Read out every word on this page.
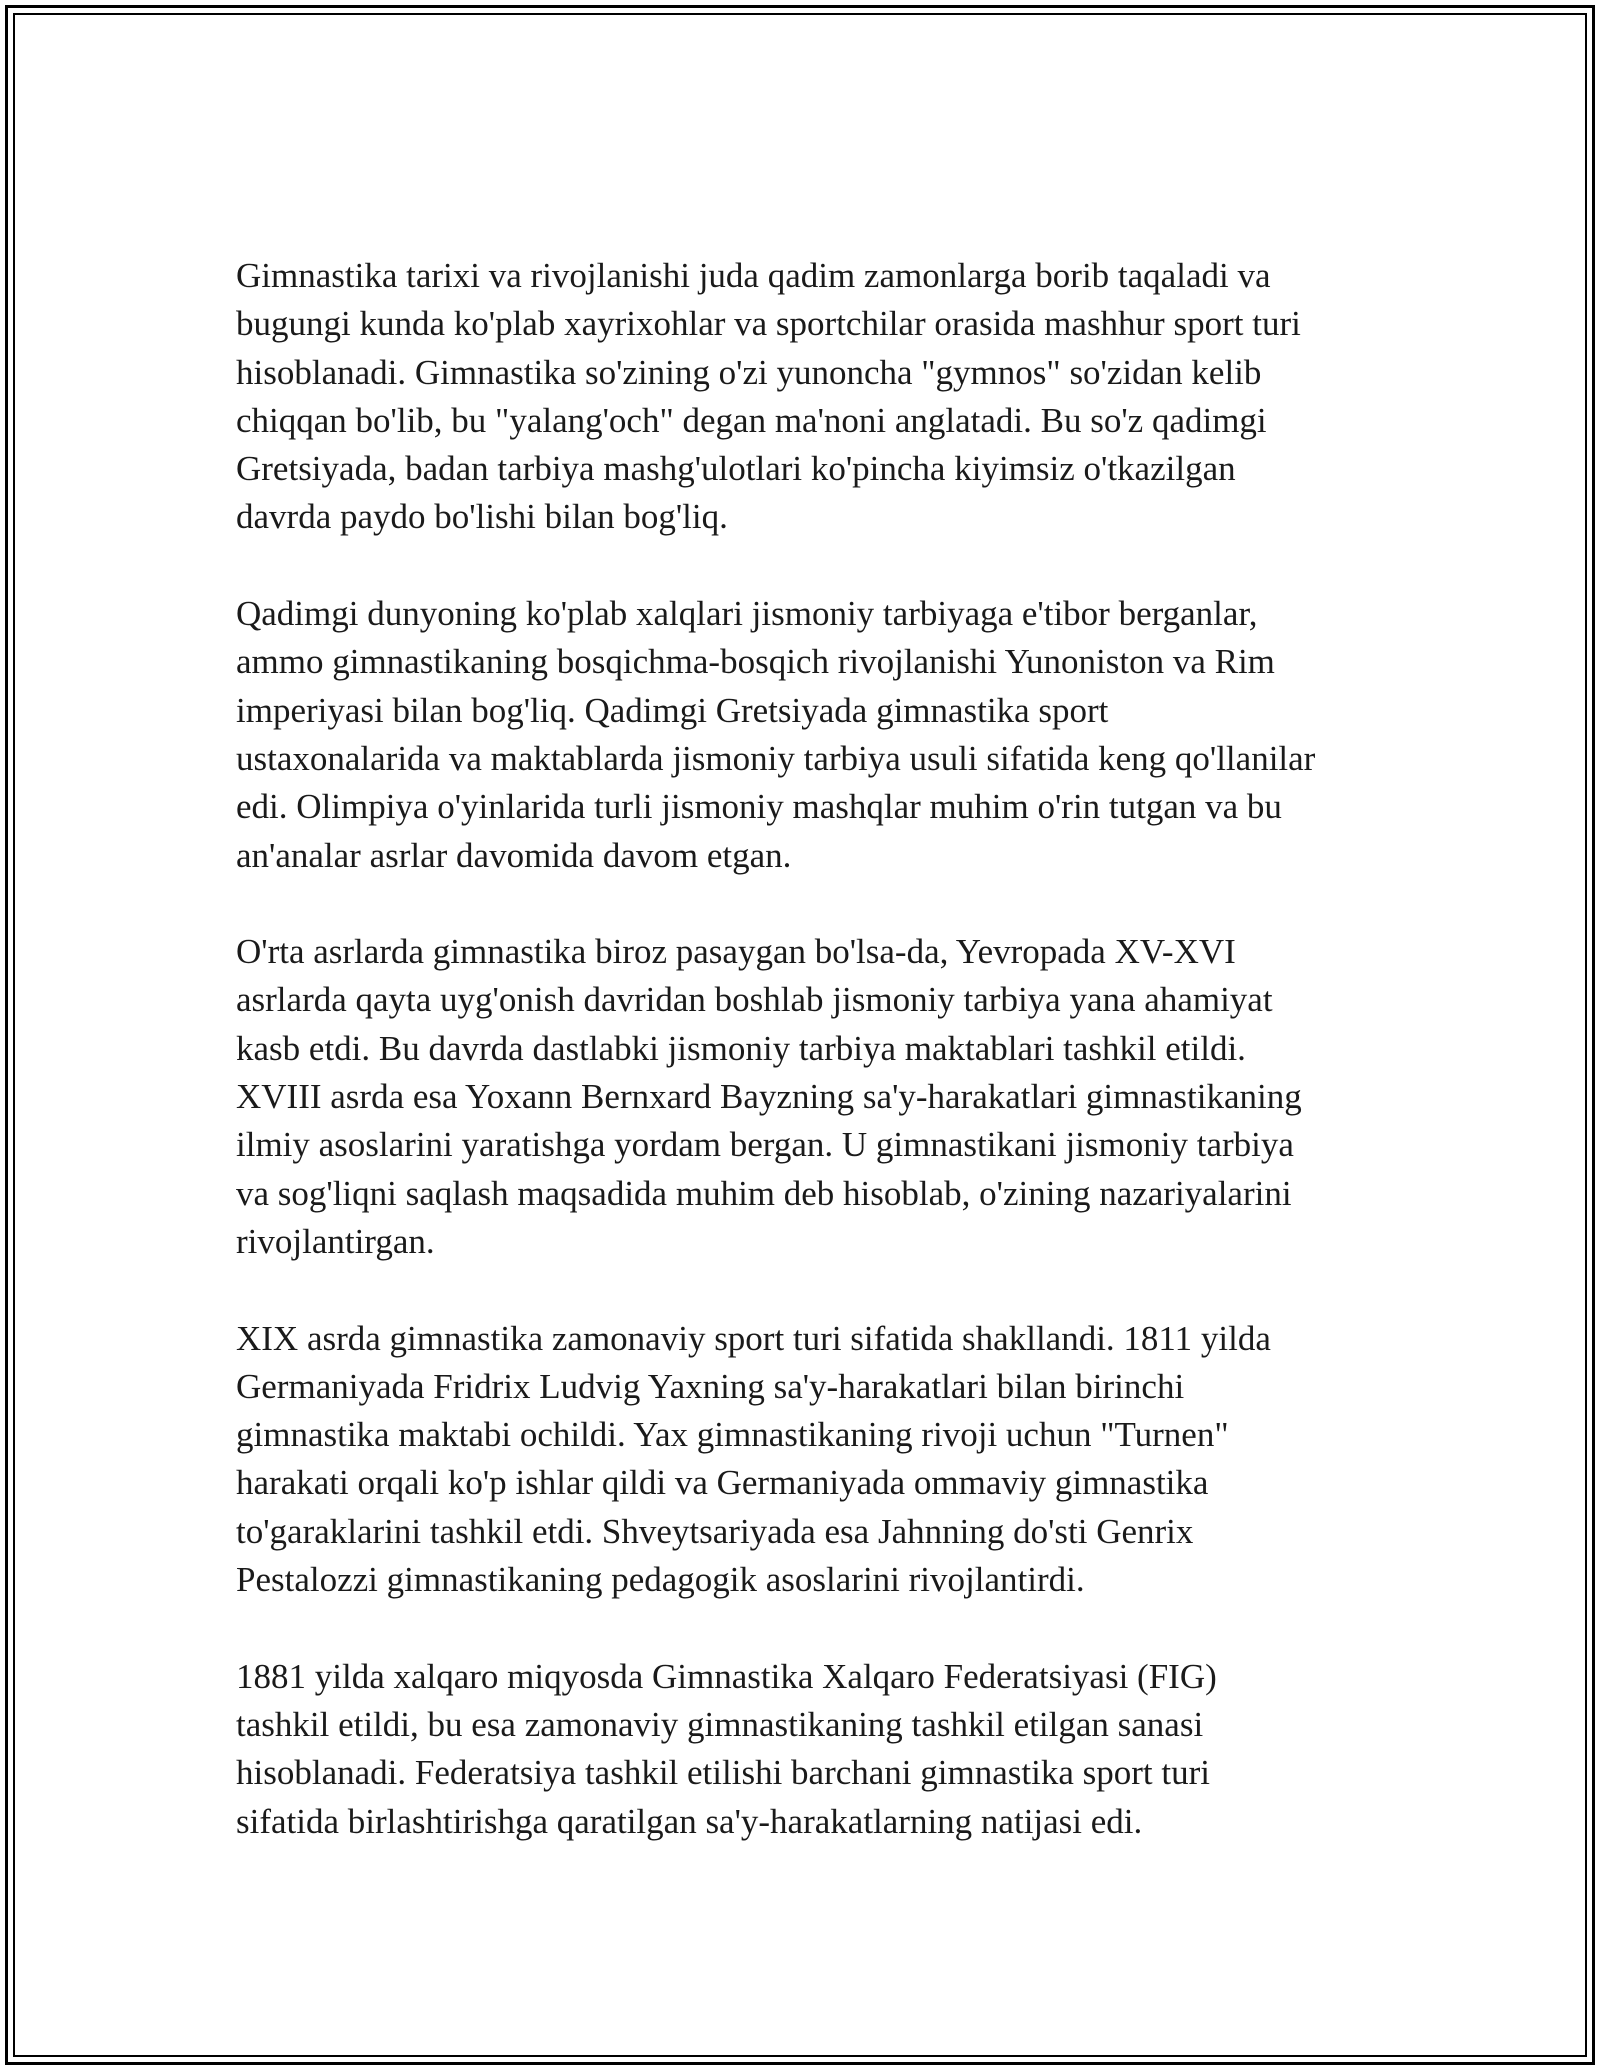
Gimnastika tarixi va rivojlanishi juda qadim zamonlarga borib taqaladi va
bugungi kunda ko'plab xayrixohlar va sportchilar orasida mashhur sport turi
hisoblanadi. Gimnastika so'zining o'zi yunoncha "gymnos" so'zidan kelib
chiqqan bo'lib, bu "yalang'och" degan ma'noni anglatadi. Bu so'z qadimgi
Gretsiyada, badan tarbiya mashg'ulotlari ko'pincha kiyimsiz o'tkazilgan
davrda paydo bo'lishi bilan bog'liq.

Qadimgi dunyoning ko'plab xalqlari jismoniy tarbiyaga e'tibor berganlar,
ammo gimnastikaning bosqichma-bosqich rivojlanishi Yunoniston va Rim
imperiyasi bilan bog'liq. Qadimgi Gretsiyada gimnastika sport
ustaxonalarida va maktablarda jismoniy tarbiya usuli sifatida keng qo'llanilar
edi. Olimpiya o'yinlarida turli jismoniy mashqlar muhim o'rin tutgan va bu
an'analar asrlar davomida davom etgan.

O'rta asrlarda gimnastika biroz pasaygan bo'lsa-da, Yevropada XV-XVI
asrlarda qayta uyg'onish davridan boshlab jismoniy tarbiya yana ahamiyat
kasb etdi. Bu davrda dastlabki jismoniy tarbiya maktablari tashkil etildi.
XVIII asrda esa Yoxann Bernxard Bayzning sa'y-harakatlari gimnastikaning
ilmiy asoslarini yaratishga yordam bergan. U gimnastikani jismoniy tarbiya
va sog'liqni saqlash maqsadida muhim deb hisoblab, o'zining nazariyalarini
rivojlantirgan.

XIX asrda gimnastika zamonaviy sport turi sifatida shakllandi. 1811 yilda
Germaniyada Fridrix Ludvig Yaxning sa'y-harakatlari bilan birinchi
gimnastika maktabi ochildi. Yax gimnastikaning rivoji uchun "Turnen"
harakati orqali ko'p ishlar qildi va Germaniyada ommaviy gimnastika
to'garaklarini tashkil etdi. Shveytsariyada esa Jahnning do'sti Genrix
Pestalozzi gimnastikaning pedagogik asoslarini rivojlantirdi.

1881 yilda xalqaro miqyosda Gimnastika Xalqaro Federatsiyasi (FIG)
tashkil etildi, bu esa zamonaviy gimnastikaning tashkil etilgan sanasi
hisoblanadi. Federatsiya tashkil etilishi barchani gimnastika sport turi
sifatida birlashtirishga qaratilgan sa'y-harakatlarning natijasi edi.
